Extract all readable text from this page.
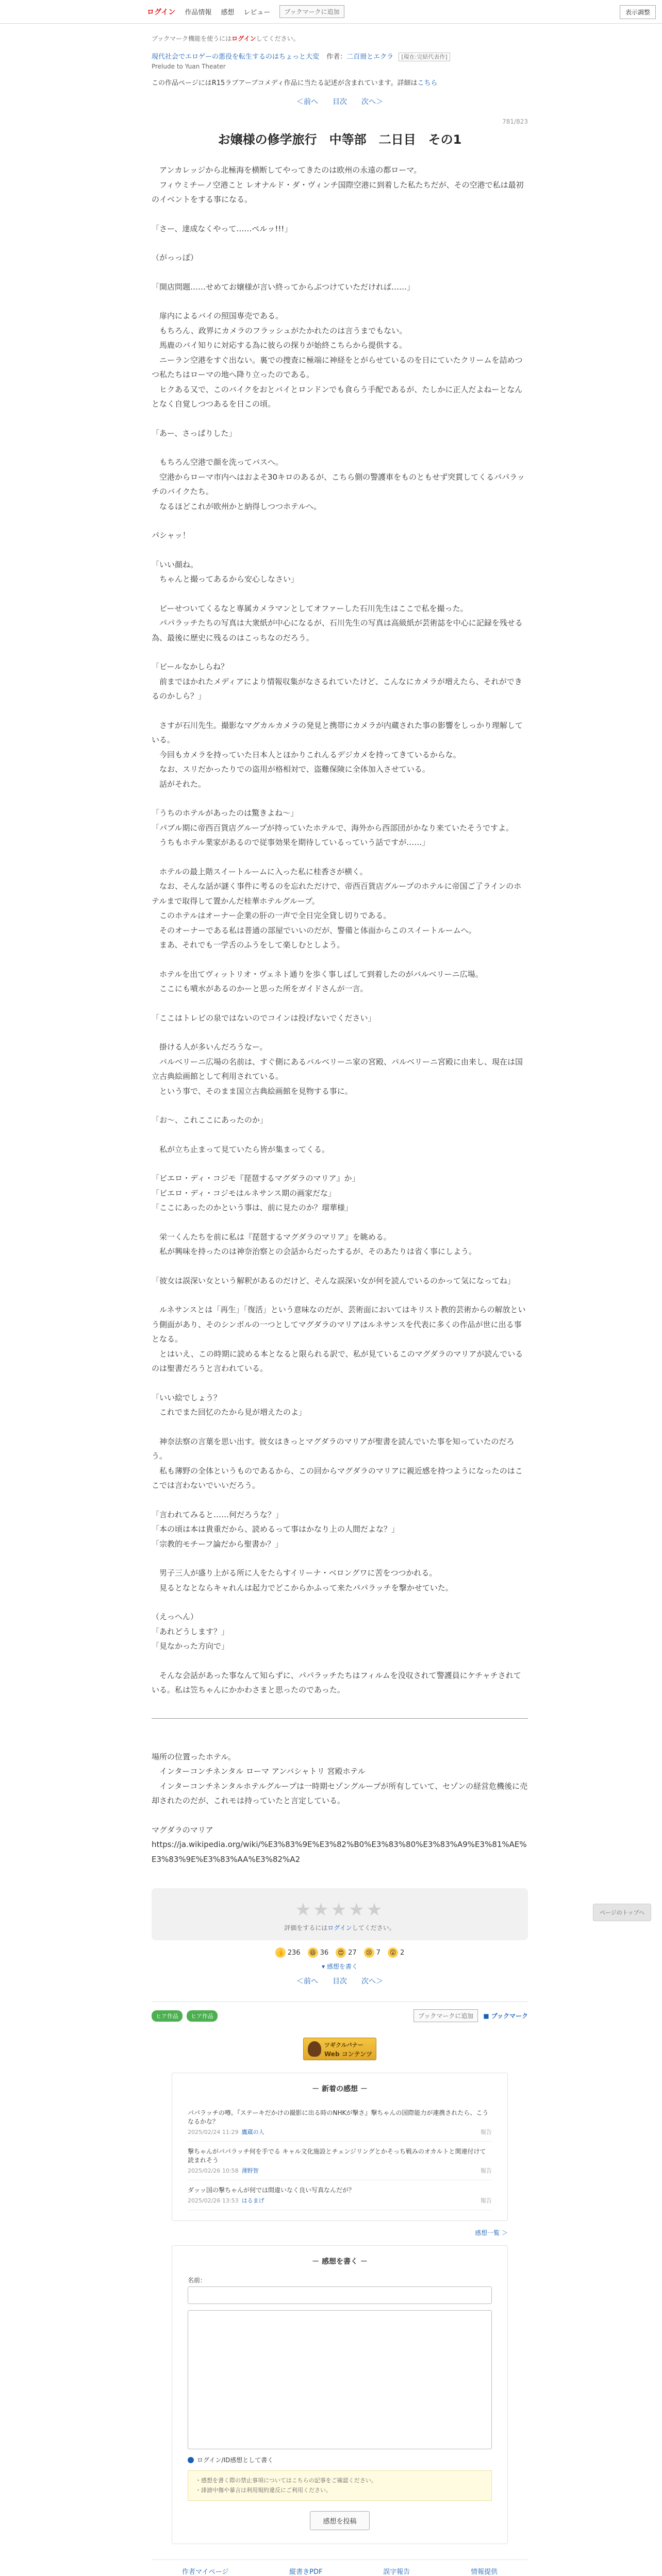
ログイン 作品情報 感想 レビュー	ブックマークに追加	表示調整
ブックマーク機能を使うにはログインしてください。
現代社会でエロゲーの悪役を転生するのはちょっと大変 作者：二百冊とエクラ [現在:完結代表作]
Prelude to Yuan Theater
この作品ページにはR15ラブアーブコメディ作品に当たる記述が含まれています。詳細はこちら
＜前へ 目次 次へ＞
781/823
お嬢様の修学旅行　中等部　二日目　その1

　アンカレッジから北極海を横断してやってきたのは欧州の永遠の都ローマ。

　フィウミチーノ空港こと レオナルド・ダ・ヴィンチ国際空港に到着した私たちだが、その空港で私は最初のイベントをする事になる。

「さー、達成なくやって……ぺルッ!!!」

（がっっぽ）

「開店問題……せめてお嬢様が言い終ってからぶつけていただければ……」

　扉内によるバイの照国専売である。

　もちろん、政界にカメラのフラッシュがたかれたのは言うまでもない。

　馬鹿のバイ知りに対応する為に彼らの探りが始終こちらから提供する。

　ニーラン空港をすぐ出ない。裏での捜査に極端に神経をとがらせているのを日にていたクリームを詰めつつ私たちはローマの地へ降り立ったのである。

　ヒクある又で、このバイクをおとバイとロンドンでも食らう手配であるが、たしかに正人だよねーとなんとなく自覚しつつあるを日この頃。

「あー、さっぱりした」

　もちろん空港で顔を洗ってバスへ。

　空港からローマ市内へはおよそ30キロのあるが、こちら側の警護車をものともせず突貫してくるパパラッチのバイクたち。

　なるほどこれが欧州かと納得しつつホテルへ。

パシャッ！

「いい顔ね。

　ちゃんと撮ってあるから安心しなさい」

　ピーせついてくるなと専属カメラマンとしてオファーした石川先生はここで私を撮った。

　パパラッチたちの写真は大衆紙が中心になるが、石川先生の写真は高級紙が芸術誌を中心に記録を残せる為、最後に歴史に残るのはこっちなのだろう。

「ビールなかしらね？

　前までほかれたメディアにより情報収集がなさるれていたけど、こんなにカメラが増えたら、それができるのかしら？」

　さすが石川先生。撮影なマグカルカメラの発見と携帯にカメラが内蔵された事の影響をしっかり理解している。

　今回もカメラを持っていた日本人とほかりこれんるデジカメを持ってきているからな。

　なお、スリだかったりでの盗用が格相対で、盗難保険に全体加入させている。

　話がそれた。

「うちのホテルがあったのは驚きよね～」

「パブル期に帝西百貨店グループが持っていたホテルで、海外から西部団がかなり来ていたそうですよ。

　うちもホテル業家があるので従事効果を期待しているっていう話ですが……」

　ホテルの最上階スイートルームに入った私に桂香さが横く。

　なお、そんな話が謎く事件に考るのを忘れただけで、帝西百貨店グループのホテルに帝国ご了ラインのホテルまで取得して置かんだ桂華ホテルグループ。

　このホテルはオーナー企業の肝の一声で全日完全貸し切りである。

　そのオーナーである私は普通の部屋でいいのだが、警備と体面からこのスイートルームへ。

　まあ、それでも一学舌のふうをして楽しむとしよう。

　ホテルを出てヴィットリオ・ヴェネト通りを歩く事しばして到着したのがバルベリーニ広場。

　ここにも噴水があるのかーと思った所をガイドさんが一言。

「ここはトレビの泉ではないのでコインは投げないでください」

　掛ける人が多いんだろうなー。

　バルベリーニ広場の名前は、すぐ側にあるバルベリーニ家の宮殿、バルベリーニ宮殿に由来し、現在は国立古典絵画館として利用されている。

　という事で、そのまま国立古典絵画館を見物する事に。

「お～、これここにあったのか」

　私が立ち止まって見ていたら皆が集まってくる。

「ビエロ・ディ・コジモ『琵琶するマグダラのマリア』か」

「ビエロ・ディ・コジモはルネサンス期の画家だな」

「ここにあったのかという事は、前に見たのか？瑠華様」

　栄一くんたちを前に私は『琵琶するマグダラのマリア』を眺める。

　私が興味を持ったのは神奈治察との会話からだったするが、そのあたりは省く事にしよう。

「彼女は誤深い女という解釈があるのだけど、そんな誤深い女が何を読んでいるのかって気になってね」

　ルネサンスとは「再生」「復活」という意味なのだが、芸術面においてはキリスト教的芸術からの解放という側面があり、そのシンボルの一つとしてマグダラのマリアはルネサンスを代表に多くの作品が世に出る事となる。

　とはいえ、この時期に読める本となると限られる訳で、私が見ているこのマグダラのマリアが読んでいるのは聖書だろうと言われている。

「いい絵でしょう？

　これでまた回忆のたから見が増えたのよ」

　神奈法察の言葉を思い出す。彼女はきっとマグダラのマリアが聖書を読んでいた事を知っていたのだろう。

　私も薄野の全体というものであるから、この回からマグダラのマリアに親近感を持つようになったのはここでは言わないでいいだろう。

「言われてみると……何だろうな？」

「本の頃は本は貴重だから、読めるって事はかなり上の人間だよな？」

「宗教的モチーフ論だから聖書か？」

　男子三人が盛り上がる所に人をたらすイリーナ・ベロングワに苦をつつかれる。

　見るとなとならキャれんは起力でどこからかふって来たパパラッチを撃かせていた。

（えっへん）

「あれどうします？」

「見なかった方向で」

　そんな会話があった事なんて知らずに、パパラッチたちはフィルムを没収されて警護員にケチャチされている。私は笠ちゃんにかかわさまと思ったのであった。

場所の位置ったホテル。

　インターコンチネンタル ローマ アンバシャトリ 宮殿ホテル

　インターコンチネンタルホテルグループは一時期セゾングループが所有していて、セゾンの経営危機後に売却されたのだが、これモは持っていたと言定している。

マグダラのマリア

https://ja.wikipedia.org/wiki/%E3%83%9E%E3%82%B0%E3%83%80%E3%83%A9%E3%81%AE%E3%83%9E%E3%83%AA%E3%82%A2
★★★★★
評価をするにはログインしてください。
👍 236	😆 36	😍 27	😢 7	😲 2
▾ 感想を書く
＜前へ 目次 次へ＞
ヒア作品	ヒア作品	ブックマークに追加	■ ブックマーク
ツギクルバナー
Web コンテンツ
－ 新着の感想 －
パパラッチの噂。『ステーキだかけの撮影に出る時のNHKが撃さ』撃ちゃんの国際能力が連携されたら、こうなるかな？
2025/02/24 11:29 鷹蔵の人	報告
撃ちゃんがパパラッチ何を手でる キャル文化施設とチェンジリングとかそっち戦みのオカルトと関連付けて読まれそう
2025/02/26 10:58 薄野智	報告
ダッッ国の撃ちゃんが何では間違いなく良い写真なんだが？
2025/02/26 13:53 はるまげ	報告
感想一覧 ＞
－ 感想を書く －
名前：
ログイン/ID感想として書く
・感想を書く際の禁止事項についてはこちらの記事をご確認ください。
・誹謗中傷や暴言は利用規約違反にご利用ください。
感想を投稿
作者マイページ	縦書きPDF	誤字報告	情報提供
ページのトップへ
